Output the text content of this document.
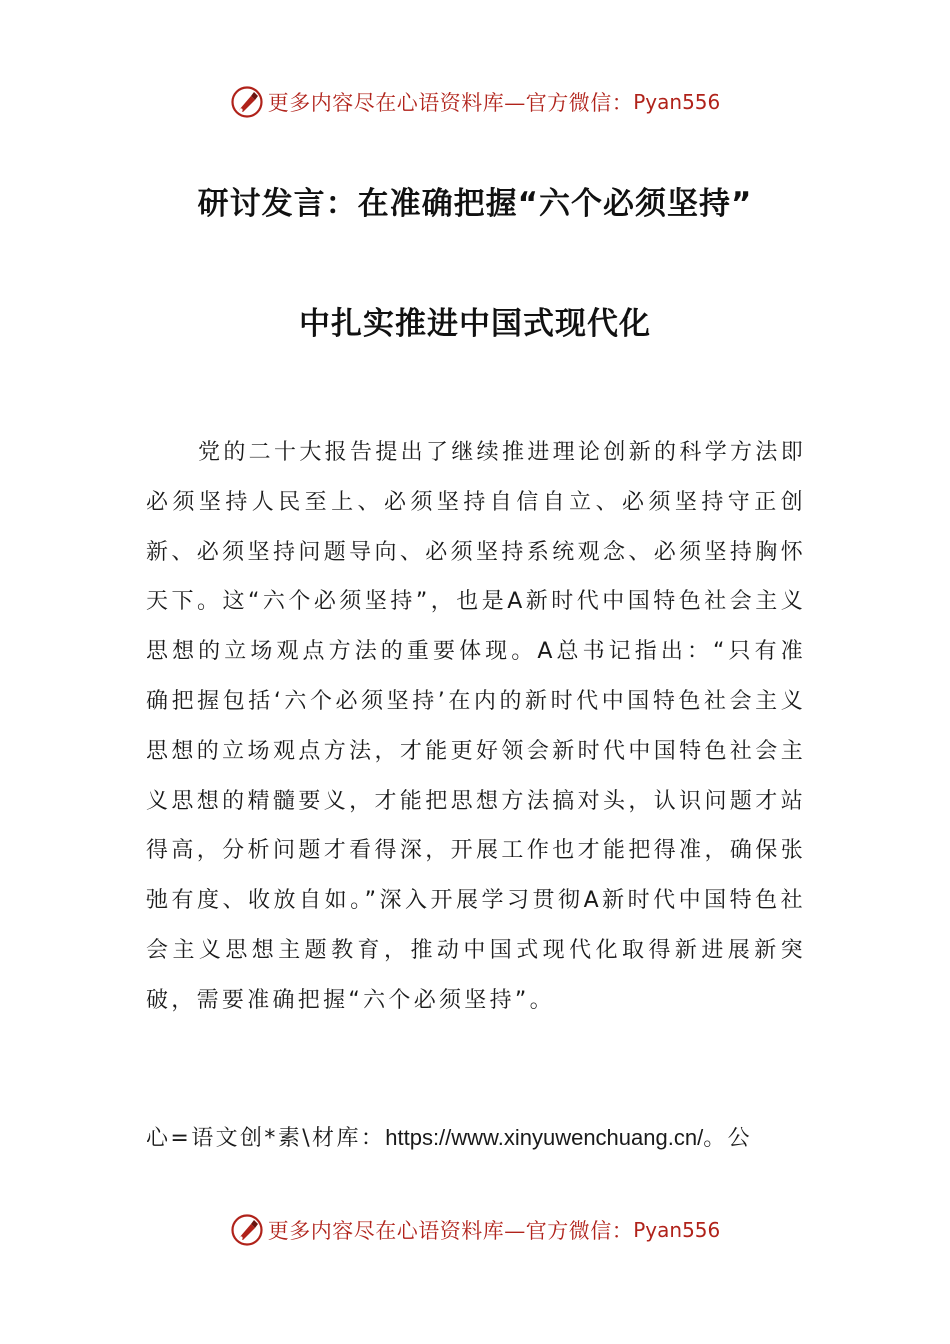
更多内容尽在心语资料库—官方微信： Pyan556
研讨发言：在准确把握“六个必须坚持”
中扎实推进中国式现代化

党的二十大报告提出了继续推进理论创新的科学方法即必须坚持人民至上、必须坚持自信自立、必须坚持守正创新、必须坚持问题导向、必须坚持系统观念、必须坚持胸怀天下。这“六个必须坚持”，也是A新时代中国特色社会主义思想的立场观点方法的重要体现。A总书记指出：“只有准确把握包括‘六个必须坚持’在内的新时代中国特色社会主义思想的立场观点方法，才能更好领会新时代中国特色社会主义思想的精髓要义，才能把思想方法搞对头，认识问题才站得高，分析问题才看得深，开展工作也才能把得准，确保张弛有度、收放自如。”深入开展学习贯彻A新时代中国特色社会主义思想主题教育，推动中国式现代化取得新进展新突破，需要准确把握“六个必须坚持”。

心=语文创*素\材库：https://www.xinyuwenchuang.cn/。公

更多内容尽在心语资料库—官方微信： Pyan556
